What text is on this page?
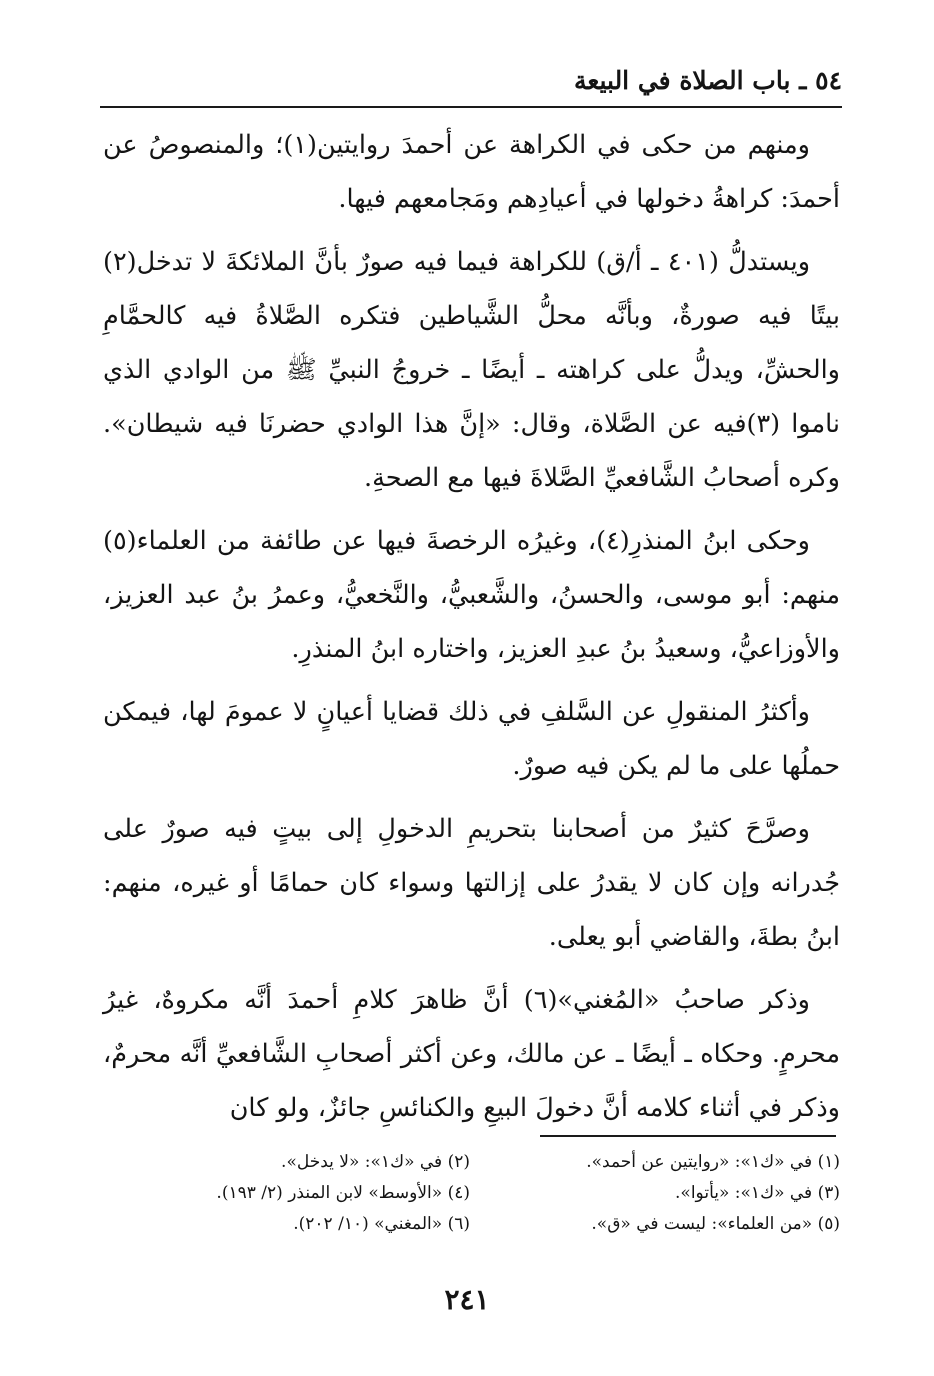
٥٤ ـ باب الصلاة في البيعة

ومنهم من حكى في الكراهة عن أحمدَ روايتين(١)؛ والمنصوصُ عن أحمدَ: كراهةُ دخولها في أعيادِهم ومَجامعهم فيها.

ويستدلُّ (٤٠١ ـ أ/ق) للكراهة فيما فيه صورٌ بأنَّ الملائكةَ لا تدخل(٢) بيتًا فيه صورةٌ، وبأنَّه محلُّ الشَّياطين فتكره الصَّلاةُ فيه كالحمَّامِ والحشِّ، ويدلُّ على كراهته ـ أيضًا ـ خروجُ النبيِّ ﷺ من الوادي الذي ناموا (٣)فيه عن الصَّلاة، وقال: «إنَّ هذا الوادي حضرنَا فيه شيطان». وكره أصحابُ الشَّافعيِّ الصَّلاةَ فيها مع الصحةِ.

وحكى ابنُ المنذرِ(٤)، وغيرُه الرخصةَ فيها عن طائفة من العلماء(٥) منهم: أبو موسى، والحسنُ، والشَّعبيُّ، والنَّخعيُّ، وعمرُ بنُ عبد العزيز، والأوزاعيُّ، وسعيدُ بنُ عبدِ العزيز، واختاره ابنُ المنذرِ.

وأكثرُ المنقولِ عن السَّلفِ في ذلك قضايا أعيانٍ لا عمومَ لها، فيمكن حملُها على ما لم يكن فيه صورٌ.

وصرَّحَ كثيرٌ من أصحابنا بتحريمِ الدخولِ إلى بيتٍ فيه صورٌ على جُدرانه وإن كان لا يقدرُ على إزالتها وسواء كان حمامًا أو غيره، منهم: ابنُ بطةَ، والقاضي أبو يعلى.

وذكر صاحبُ «المُغني»(٦) أنَّ ظاهرَ كلامِ أحمدَ أنَّه مكروهٌ، غيرُ محرمٍ. وحكاه ـ أيضًا ـ عن مالك، وعن أكثر أصحابِ الشَّافعيِّ أنَّه محرمٌ، وذكر في أثناء كلامه أنَّ دخولَ البيعِ والكنائسِ جائزٌ، ولو كان

(١) في «ك١»: «روايتين عن أحمد».
(٢) في «ك١»: «لا يدخل».
(٣) في «ك١»: «يأتوا».
(٤) «الأوسط» لابن المنذر (٢/ ١٩٣).
(٥) «من العلماء»: ليست في «ق».
(٦) «المغني» (١٠/ ٢٠٢).
٢٤١
